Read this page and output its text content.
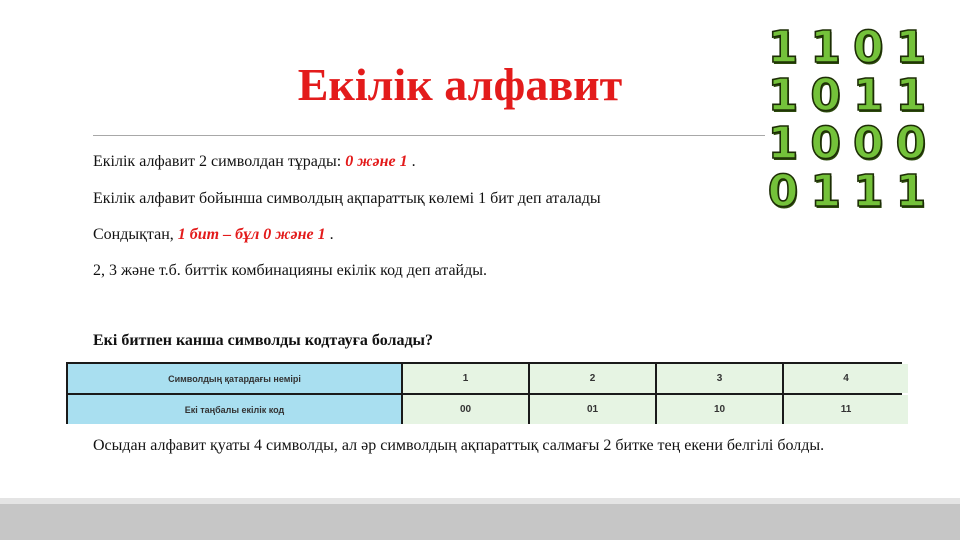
Екілік алфавит
1 1 0 1
1 0 1 1
1 0 0 0
0 1 1 1
Екілік алфавит 2 символдан тұрады: 0 және 1 .
Екілік алфавит бойынша символдың ақпараттық көлемі 1 бит деп аталады
Сондықтан, 1 бит – бұл 0 және 1 .
2, 3 және т.б. биттік комбинацияны екілік код деп атайды.
Екі битпен канша символды кодтауға болады?
Символдың қатардағы немірі	1	2	3	4
Екі таңбалы екілік код	00	01	10	11
Осыдан алфавит қуаты 4 символды, ал әр символдың ақпараттық салмағы 2 битке тең екени белгілі болды.
